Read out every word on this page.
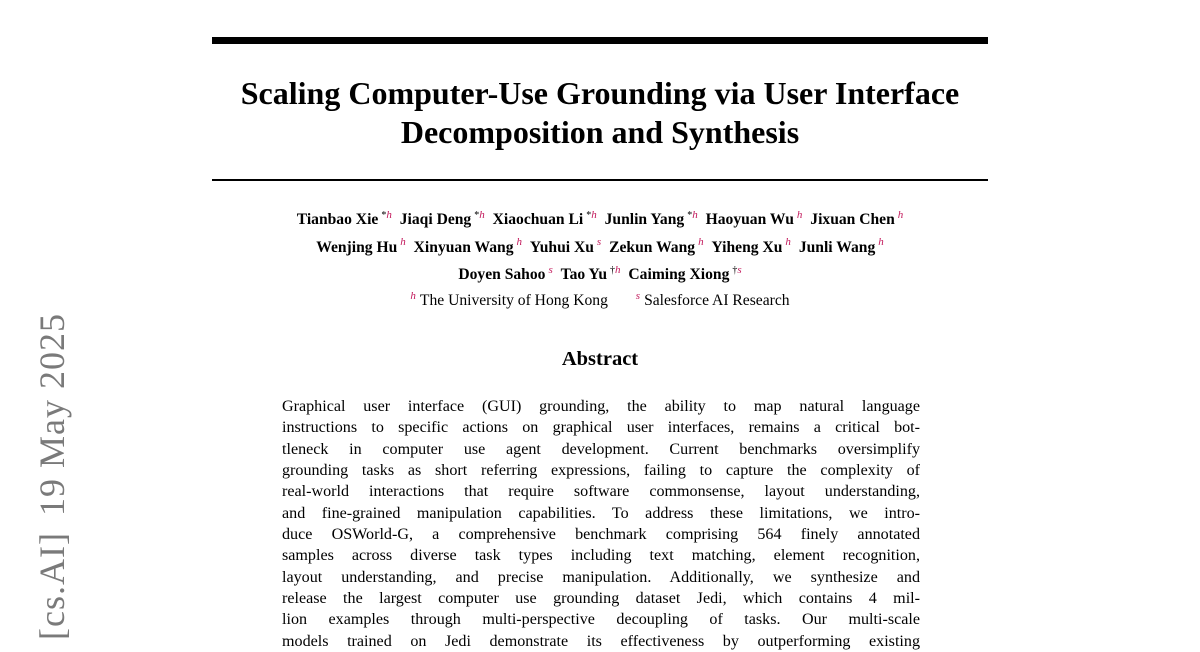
[cs.AI]19 May 2025
Scaling Computer-Use Grounding via User Interface
Decomposition and Synthesis
Tianbao Xie $^{*h}$ Jiaqi Deng $^{*h}$ Xiaochuan Li $^{*h}$ Junlin Yang $^{*h}$ Haoyuan Wu $^h$ Jixuan Chen $^h$
Wenjing Hu $^h$ Xinyuan Wang $^h$ Yuhui Xu $^s$ Zekun Wang $^h$ Yiheng Xu $^h$ Junli Wang $^h$
Doyen Sahoo $^s$ Tao Yu $^{\dagger h}$ Caiming Xiong $^{\dagger s}$
$^h$ The University of Hong Kong	$^s$ Salesforce AI Research
Abstract
Graphical user interface (GUI) grounding, the ability to map natural language
instructions to specific actions on graphical user interfaces, remains a critical bot-
tleneck in computer use agent development. Current benchmarks oversimplify
grounding tasks as short referring expressions, failing to capture the complexity of
real-world interactions that require software commonsense, layout understanding,
and fine-grained manipulation capabilities. To address these limitations, we intro-
duce OSWorld-G, a comprehensive benchmark comprising 564 finely annotated
samples across diverse task types including text matching, element recognition,
layout understanding, and precise manipulation. Additionally, we synthesize and
release the largest computer use grounding dataset Jedi, which contains 4 mil-
lion examples through multi-perspective decoupling of tasks. Our multi-scale
models trained on Jedi demonstrate its effectiveness by outperforming existing
